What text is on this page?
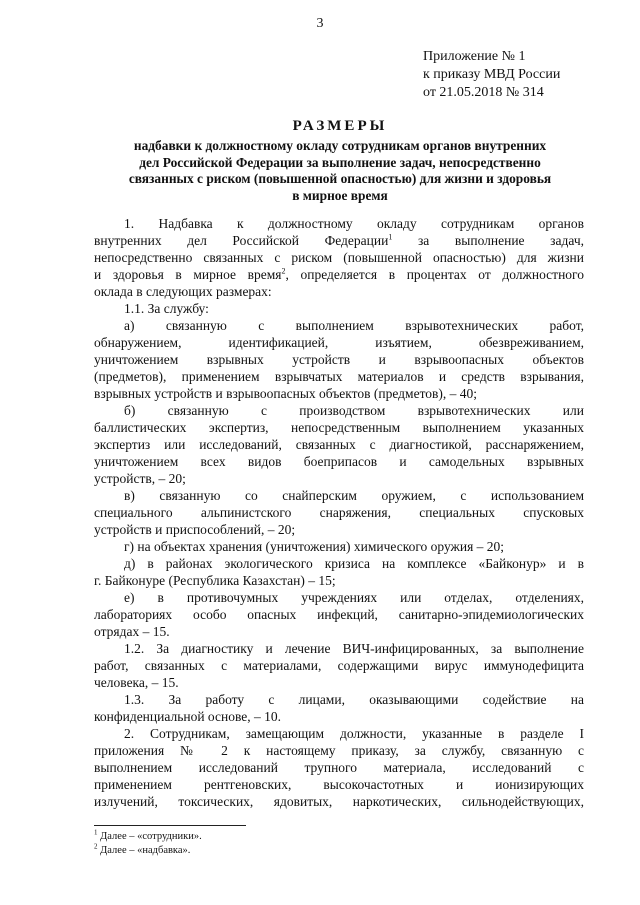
3
Приложение № 1
к приказу МВД России
от 21.05.2018 № 314
РАЗМЕРЫ
надбавки к должностному окладу сотрудникам органов внутренних
дел Российской Федерации за выполнение задач, непосредственно
связанных с риском (повышенной опасностью) для жизни и здоровья
в мирное время
1. Надбавка к должностному окладу сотрудникам органов
внутренних дел Российской Федерации$^1$ за выполнение задач,
непосредственно связанных с риском (повышенной опасностью) для жизни
и здоровья в мирное время$^2$, определяется в процентах от должностного
оклада в следующих размерах:
1.1. За службу:
а) связанную с выполнением взрывотехнических работ,
обнаружением, идентификацией, изъятием, обезвреживанием,
уничтожением взрывных устройств и взрывоопасных объектов
(предметов), применением взрывчатых материалов и средств взрывания,
взрывных устройств и взрывоопасных объектов (предметов), – 40;
б) связанную с производством взрывотехнических или
баллистических экспертиз, непосредственным выполнением указанных
экспертиз или исследований, связанных с диагностикой, расснаряжением,
уничтожением всех видов боеприпасов и самодельных взрывных
устройств, – 20;
в) связанную со снайперским оружием, с использованием
специального альпинистского снаряжения, специальных спусковых
устройств и приспособлений, – 20;
г) на объектах хранения (уничтожения) химического оружия – 20;
д) в районах экологического кризиса на комплексе «Байконур» и в
г. Байконуре (Республика Казахстан) – 15;
е) в противочумных учреждениях или отделах, отделениях,
лабораториях особо опасных инфекций, санитарно-эпидемиологических
отрядах – 15.
1.2. За диагностику и лечение ВИЧ-инфицированных, за выполнение
работ, связанных с материалами, содержащими вирус иммунодефицита
человека, – 15.
1.3. За работу с лицами, оказывающими содействие на
конфиденциальной основе, – 10.
2. Сотрудникам, замещающим должности, указанные в разделе I
приложения № 2 к настоящему приказу, за службу, связанную с
выполнением исследований трупного материала, исследований с
применением рентгеновских, высокочастотных и ионизирующих
излучений, токсических, ядовитых, наркотических, сильнодействующих,
$^1$ Далее – «сотрудники».
$^2$ Далее – «надбавка».
